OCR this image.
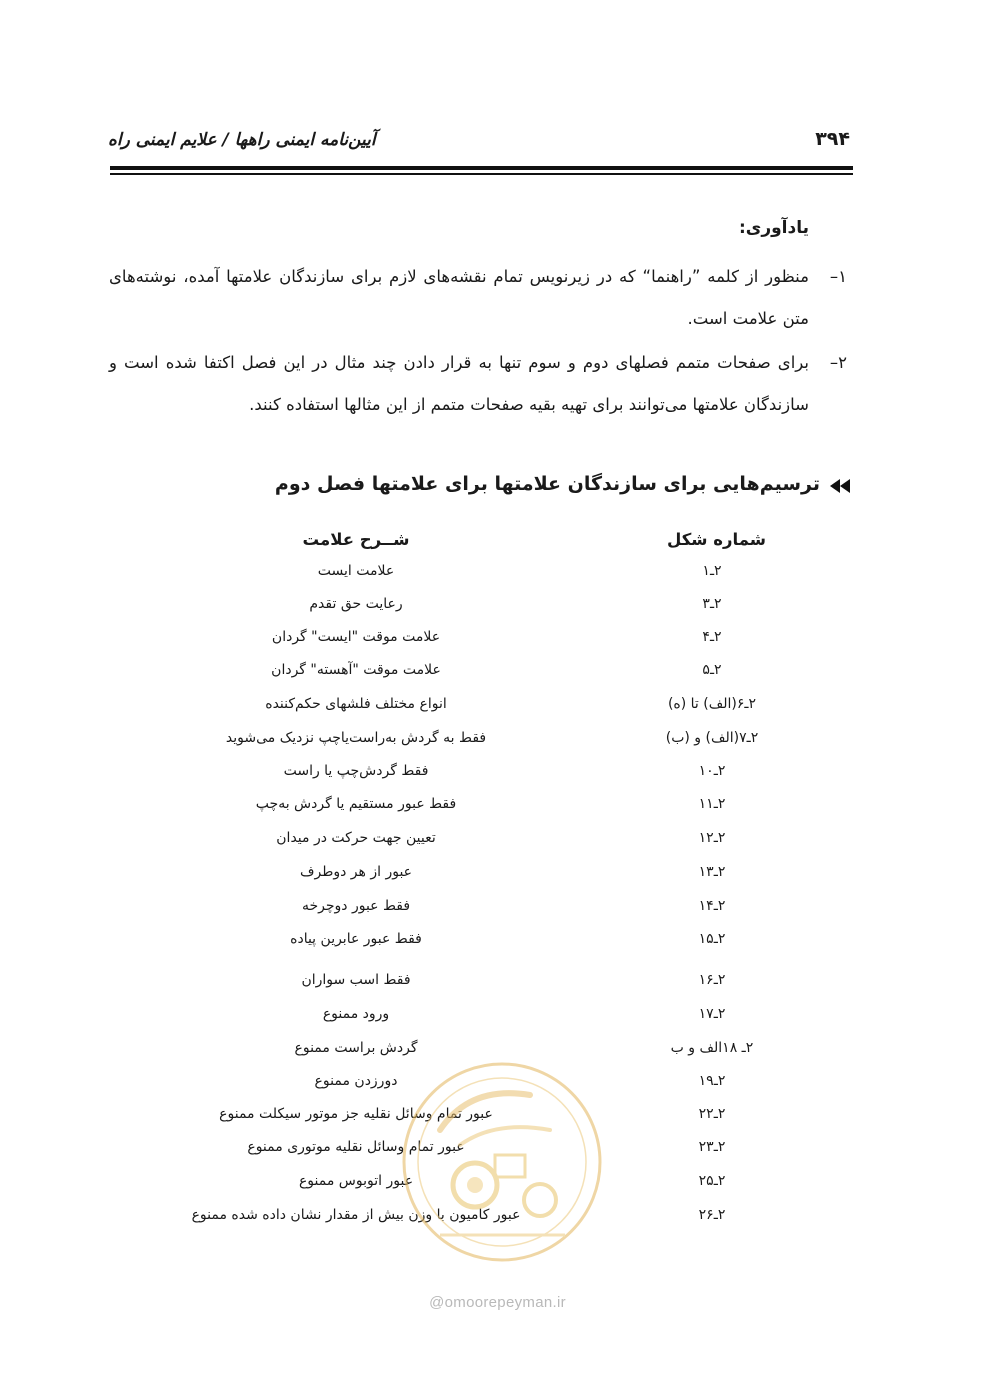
۳۹۴
آیین‌نامه ایمنی راهها / علایم ایمنی راه
یادآوری:
۱–
منظور از کلمه ”راهنما“ که در زیرنویس تمام نقشه‌های لازم برای سازندگان علامتها آمده، نوشته‌های متن علامت است.
۲–
برای صفحات متمم فصلهای دوم و سوم تنها به قرار دادن چند مثال در این فصل اکتفا شده است و سازندگان علامتها می‌توانند برای تهیه بقیه صفحات متمم از این مثالها استفاده کنند.
ترسیم‌هایی برای سازندگان علامتها برای علامتها فصل دوم
شماره شکل
شــرح علامت
۲ـ۱
علامت ایست
۲ـ۳
رعایت حق تقدم
۲ـ۴
علامت موقت "ایست" گردان
۲ـ۵
علامت موقت "آهسته" گردان
۲ـ۶(الف) تا (ه)
انواع مختلف فلشهای حکم‌کننده
۲ـ۷(الف) و (ب)
فقط به گردش به‌راست‌یاچپ نزدیک می‌شوید
۲ـ۱۰
فقط گردش‌چپ یا راست
۲ـ۱۱
فقط عبور مستقیم یا گردش به‌چپ
۲ـ۱۲
تعیین جهت حرکت در میدان
۲ـ۱۳
عبور از هر دوطرف
۲ـ۱۴
فقط عبور دوچرخه
۲ـ۱۵
فقط عبور عابرین پیاده
۲ـ۱۶
فقط اسب سواران
۲ـ۱۷
ورود ممنوع
۲ـ ۱۸الف و ب
گردش براست ممنوع
۲ـ۱۹
دورزدن ممنوع
۲ـ۲۲
عبور تمام وسائل نقلیه جز موتور سیکلت ممنوع
۲ـ۲۳
عبور تمام وسائل نقلیه موتوری ممنوع
۲ـ۲۵
عبور اتوبوس ممنوع
۲ـ۲۶
عبور کامیون با وزن بیش از مقدار نشان داده شده ممنوع
@omoorepeyman.ir
